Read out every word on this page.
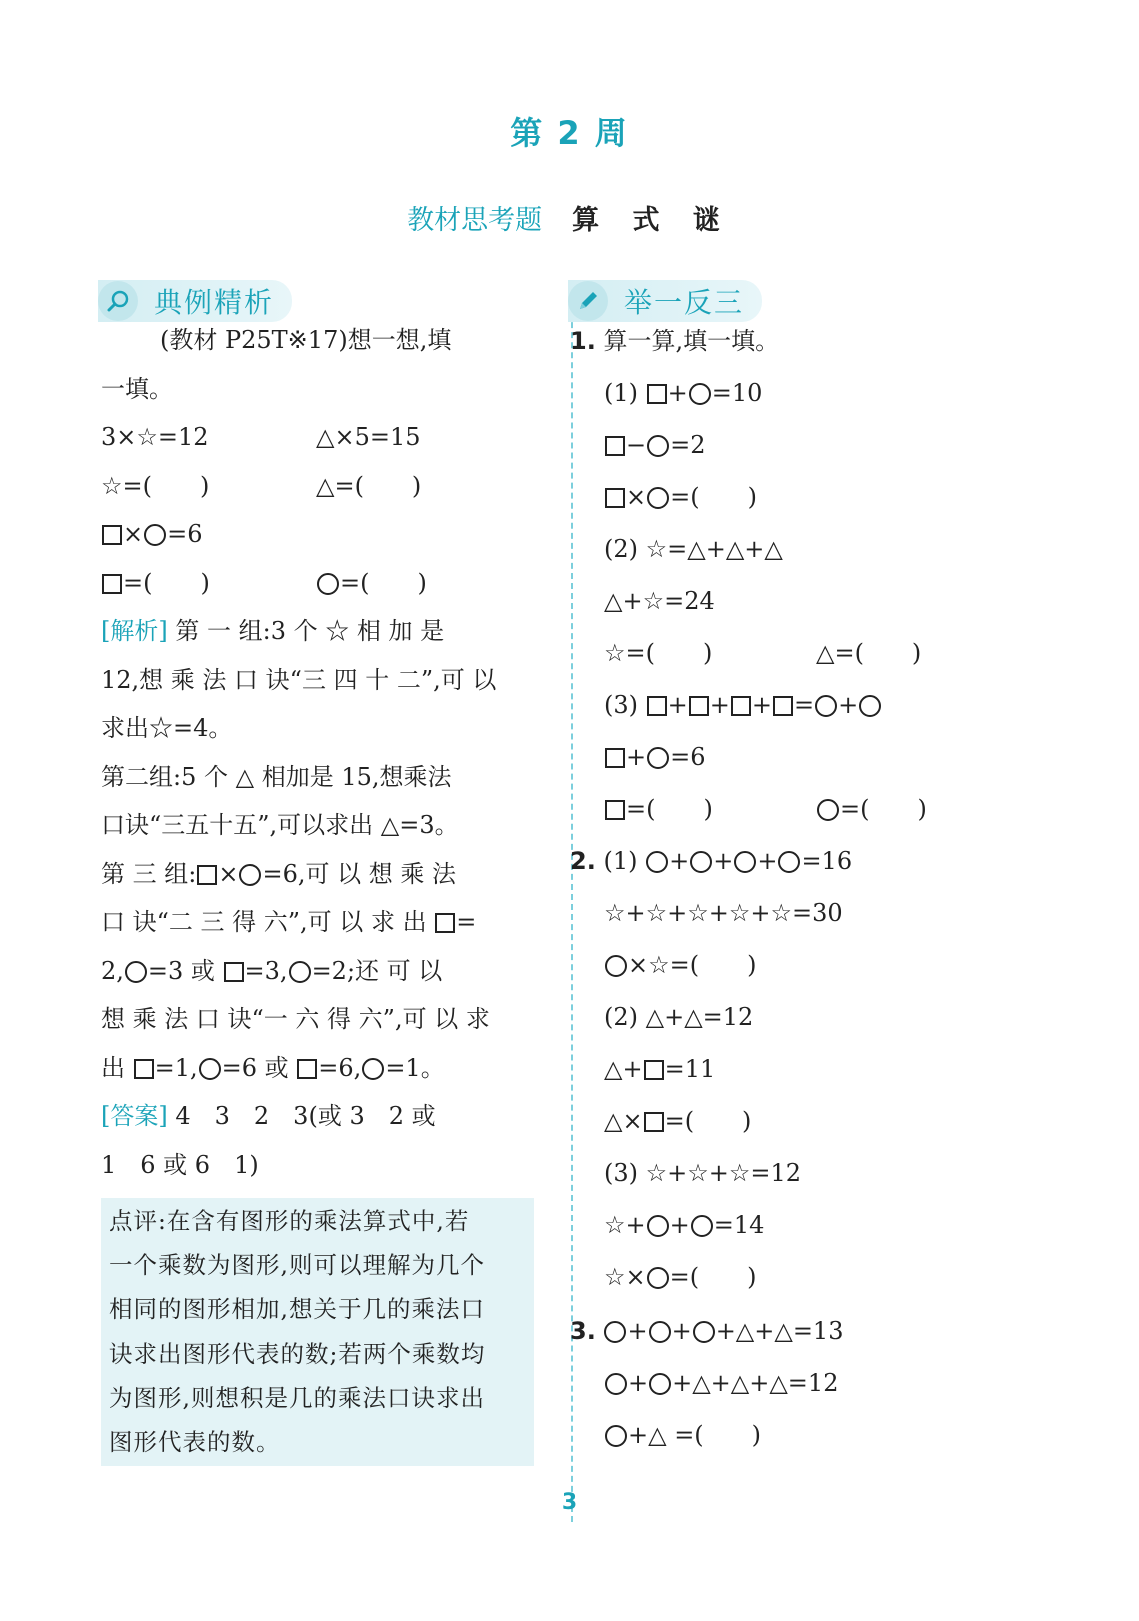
第 2 周
教材思考题 算 式 谜
典例精析
(教材 P25T※17)想一想,填
一填。
3×☆=12	△×5=15
☆=(　　)	△=(　　)
× =6
=(　　)	=(　　)
[解析] 第 一 组:3 个 ☆ 相 加 是
12,想 乘 法 口 诀“三 四 十 二”,可 以
求出☆=4。
第二组:5 个 △ 相加是 15,想乘法
口诀“三五十五”,可以求出 △=3。
第 三 组: × =6,可 以 想 乘 法
口 诀“二 三 得 六”,可 以 求 出 =
2, =3 或 =3, =2;还 可 以
想 乘 法 口 诀“一 六 得 六”,可 以 求
出 =1, =6 或 =6, =1。
[答案] 4　3　2　3(或 3　2 或
1　6 或 6　1)
点评:在含有图形的乘法算式中,若
一个乘数为图形,则可以理解为几个
相同的图形相加,想关于几的乘法口
诀求出图形代表的数;若两个乘数均
为图形,则想积是几的乘法口诀求出
图形代表的数。
举一反三
1. 算一算,填一填。
(1) + =10
− =2
× =(　　)
(2) ☆=△+△+△
△+☆=24
☆=(　　)	△=(　　)
(3) + + + = +
+ =6
=(　　)	=(　　)
2. (1) + + + =16
☆+☆+☆+☆+☆=30
×☆=(　　)
(2) △+△=12
△+ =11
△× =(　　)
(3) ☆+☆+☆=12
☆+ + =14
☆× =(　　)
3. + + +△+△=13
+ +△+△+△=12
+△ =(　　)
3
